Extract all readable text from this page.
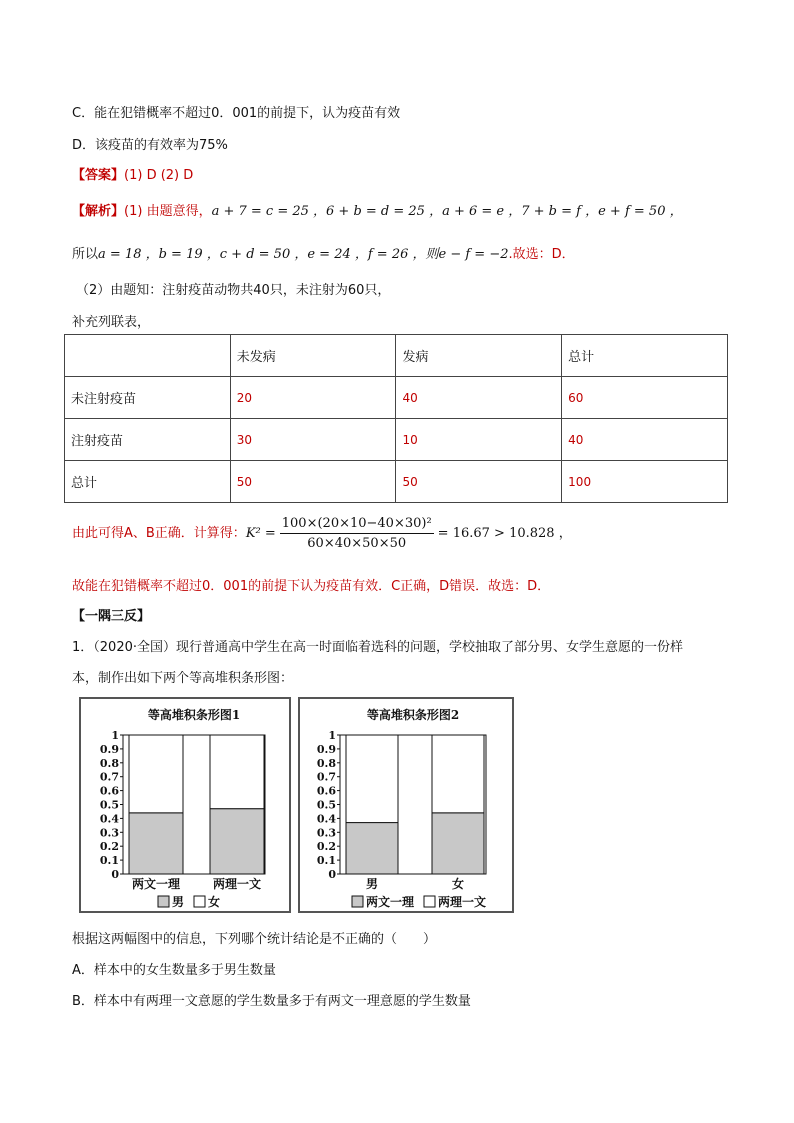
C．能在犯错概率不超过0．001的前提下，认为疫苗有效
D．该疫苗的有效率为75%
【答案】(1) D (2) D
【解析】(1) 由题意得，a + 7 = c = 25 ，6 + b = d = 25 ，a + 6 = e ，7 + b = f ，e + f = 50 ，
所以a = 18 ，b = 19 ，c + d = 50 ，e = 24 ，f = 26 ，则e − f = −2.故选：D．
（2）由题知：注射疫苗动物共40只，未注射为60只，
补充列联表，
	未发病	发病	总计
未注射疫苗	20	40	60
注射疫苗	30	10	40
总计	50	50	100
由此可得A、B正确．计算得：$K^2 = \frac{\text{100×(20×10−40×30)²}}{60\times 40\times 50\times 50} = 16.67 > 10.828$ ，
故能在犯错概率不超过0．001的前提下认为疫苗有效．C正确，D错误．故选：D．
【一隅三反】
1．（2020·全国）现行普通高中学生在高一时面临着选科的问题，学校抽取了部分男、女学生意愿的一份样
本，制作出如下两个等高堆积条形图：
等高堆积条形图1
0
0.1
0.2
0.3
0.4
0.5
0.6
0.7
0.8
0.9
1
两文一理	两理一文
男 女
等高堆积条形图2
0
0.1
0.2
0.3
0.4
0.5
0.6
0.7
0.8
0.9
1
男	女
两文一理 两理一文
根据这两幅图中的信息，下列哪个统计结论是不正确的（　　）
A．样本中的女生数量多于男生数量
B．样本中有两理一文意愿的学生数量多于有两文一理意愿的学生数量
